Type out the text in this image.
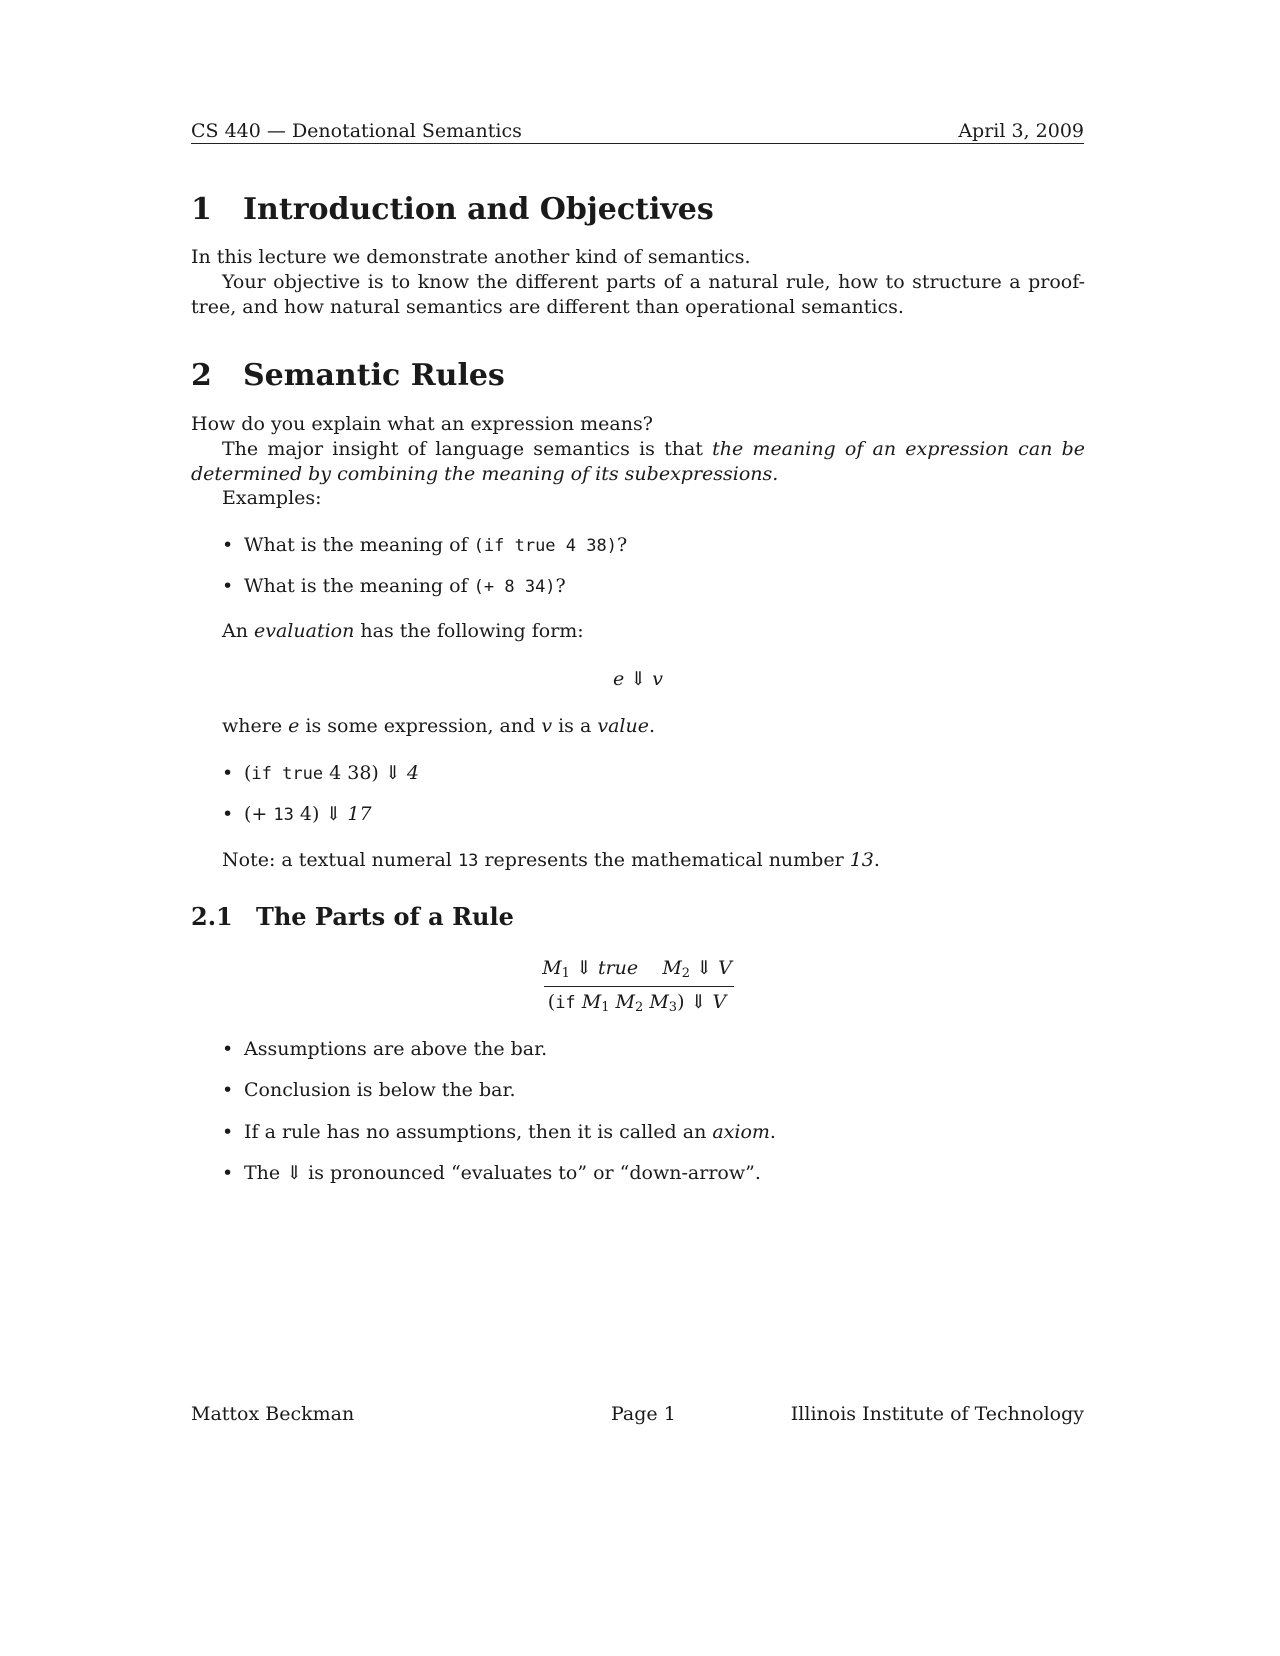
CS 440 — Denotational Semantics	April 3, 2009
1 Introduction and Objectives

In this lecture we demonstrate another kind of semantics.

Your objective is to know the different parts of a natural rule, how to structure a proof-tree, and how natural semantics are different than operational semantics.

2 Semantic Rules

How do you explain what an expression means?

The major insight of language semantics is that the meaning of an expression can be determined by combining the meaning of its subexpressions.

Examples:
• What is the meaning of (if true 4 38)?
• What is the meaning of (+ 8 34)?
An evaluation has the following form:
e ⇓ v
where e is some expression, and v is a value.
• (if true 4 38) ⇓ 4
• (+ 13 4) ⇓ 17
Note: a textual numeral 13 represents the mathematical number 13.
2.1 The Parts of a Rule
$M_1$ ⇓ true $M_2$ ⇓ V
(if $M_1$ $M_2$ $M_3$) ⇓ V
• Assumptions are above the bar.
• Conclusion is below the bar.
• If a rule has no assumptions, then it is called an axiom.
• The ⇓ is pronounced “evaluates to” or “down-arrow”.
Mattox Beckman	Page 1	Illinois Institute of Technology
